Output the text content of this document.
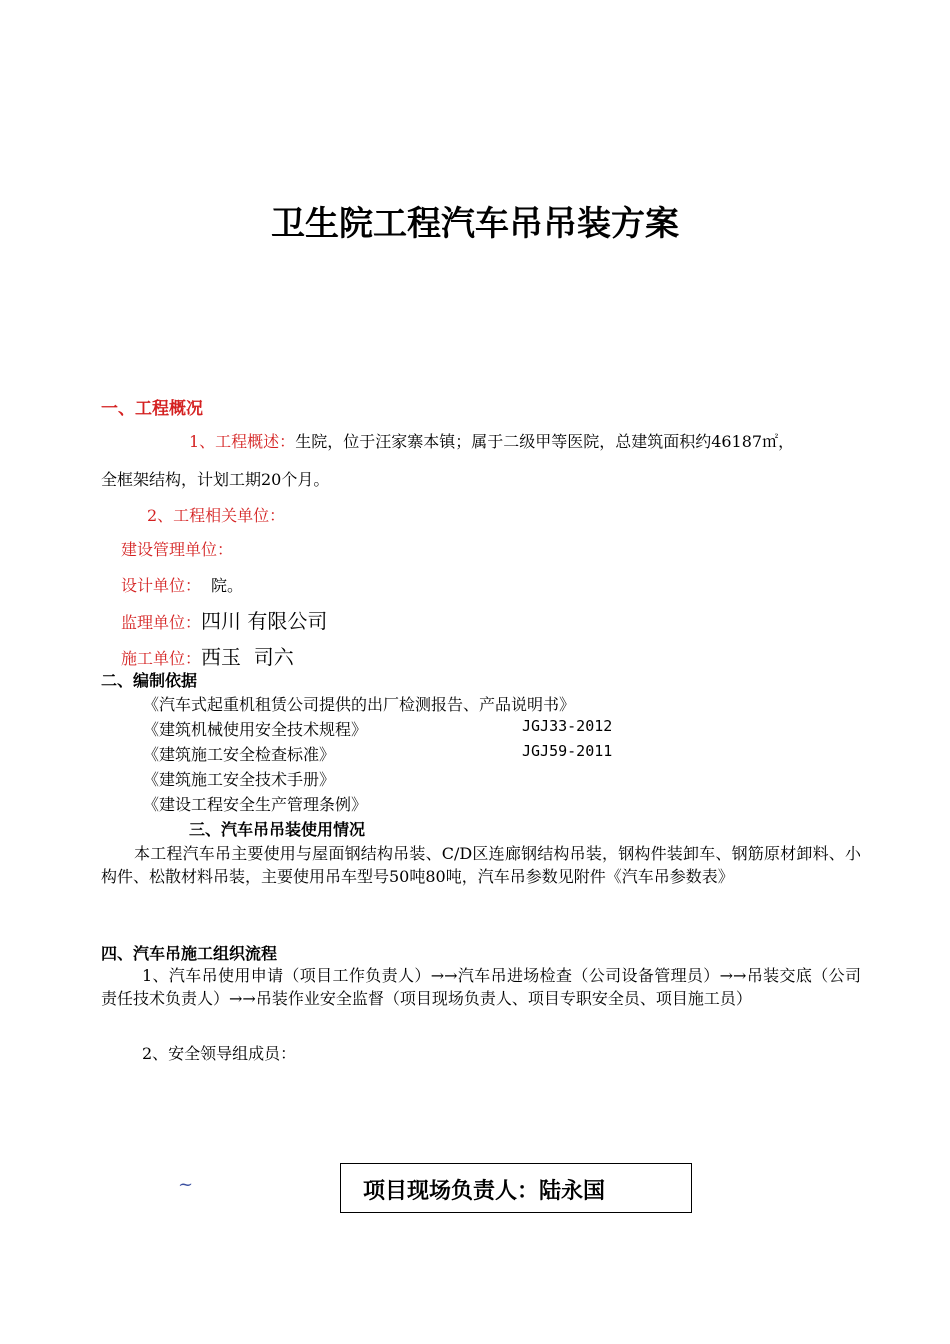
卫生院工程汽车吊吊装方案
一、工程概况
1、工程概述：生院，位于汪家寨本镇；属于二级甲等医院，总建筑面积约46187㎡，
全框架结构，计划工期20个月。
2、工程相关单位：
建设管理单位：
设计单位： 院。
监理单位：四川 有限公司
施工单位：西玉  司六
二、编制依据
《汽车式起重机租赁公司提供的出厂检测报告、产品说明书》
《建筑机械使用安全技术规程》	JGJ33-2012
《建筑施工安全检查标准》	JGJ59-2011
《建筑施工安全技术手册》
《建设工程安全生产管理条例》
三、汽车吊吊装使用情况
本工程汽车吊主要使用与屋面钢结构吊装、C/D区连廊钢结构吊装，钢构件装卸车、钢筋原材卸料、小构件、松散材料吊装，主要使用吊车型号50吨80吨，汽车吊参数见附件《汽车吊参数表》
四、汽车吊施工组织流程
1、汽车吊使用申请（项目工作负责人）→→汽车吊进场检查（公司设备管理员）→→吊装交底（公司责任技术负责人）→→吊装作业安全监督（项目现场负责人、项目专职安全员、项目施工员）
2、安全领导组成员：
~	项目现场负责人：陆永国
